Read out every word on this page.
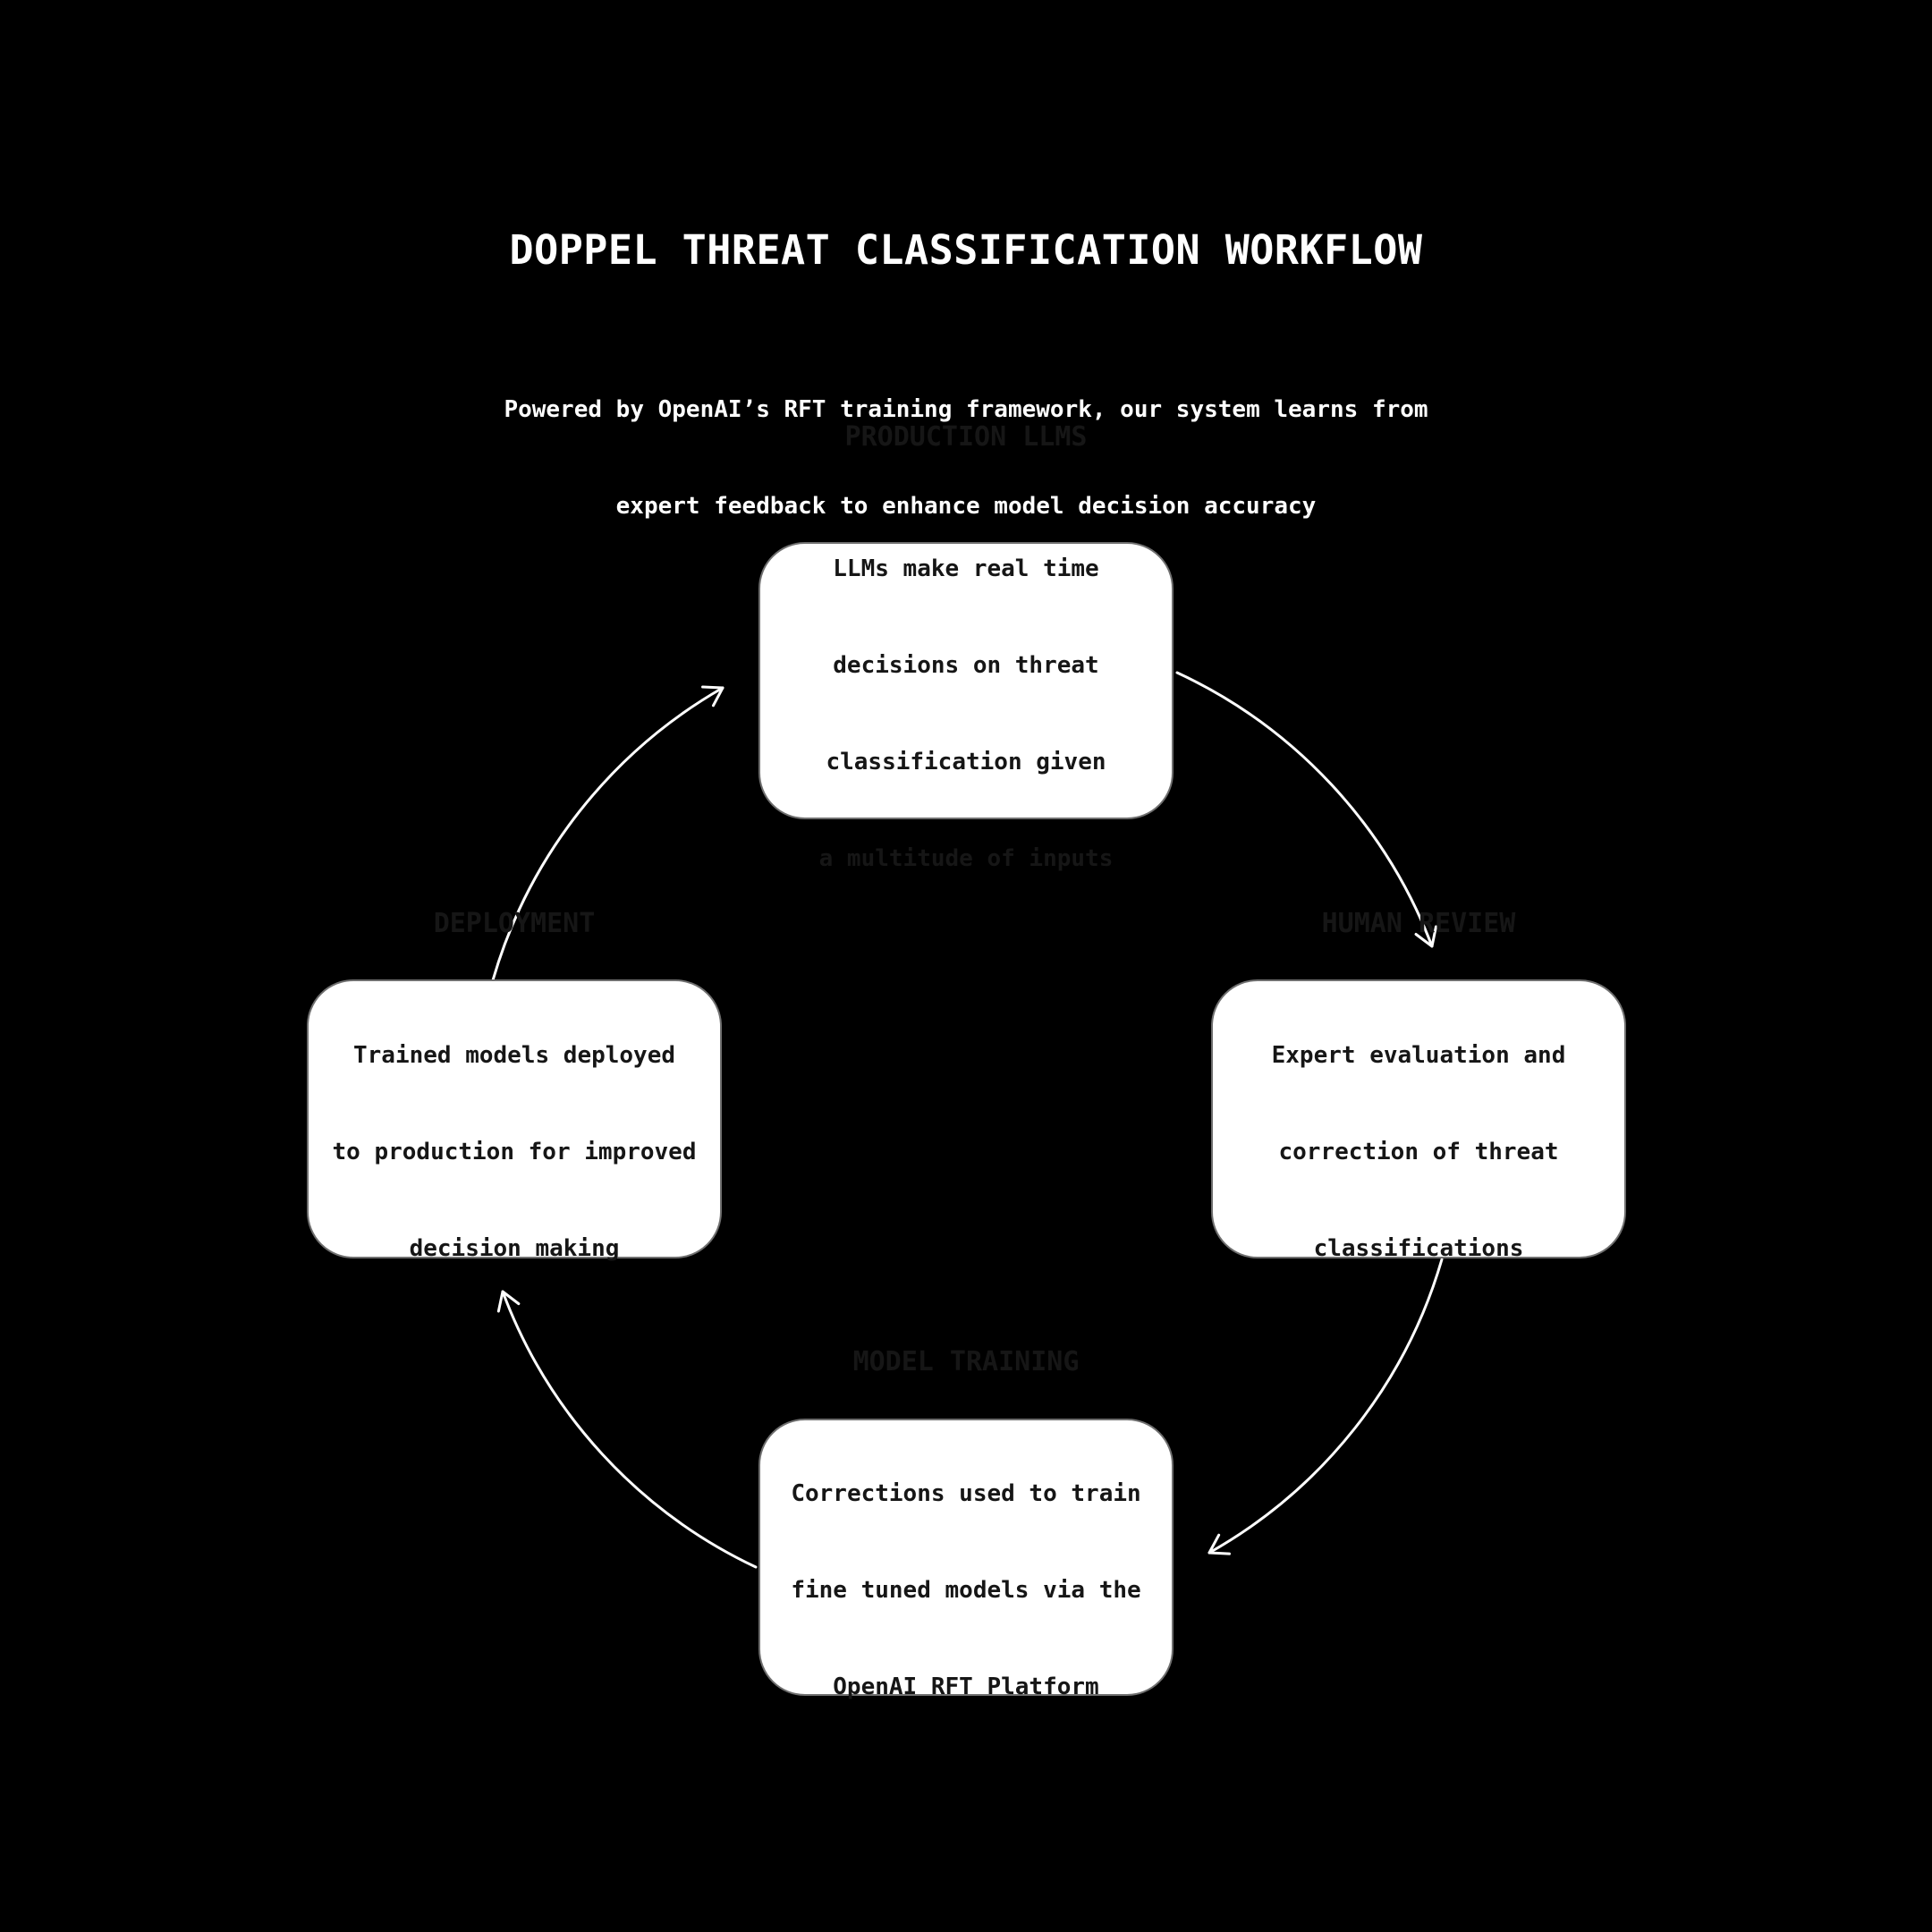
DOPPEL THREAT CLASSIFICATION WORKFLOW

Powered by OpenAI’s RFT training framework, our system learns from

expert feedback to enhance model decision accuracy

PRODUCTION LLMS

LLMs make real time

decisions on threat

classification given

a multitude of inputs

HUMAN REVIEW

Expert evaluation and

correction of threat

classifications

MODEL TRAINING

Corrections used to train

fine tuned models via the

OpenAI RFT Platform

DEPLOYMENT

Trained models deployed

to production for improved

decision making
